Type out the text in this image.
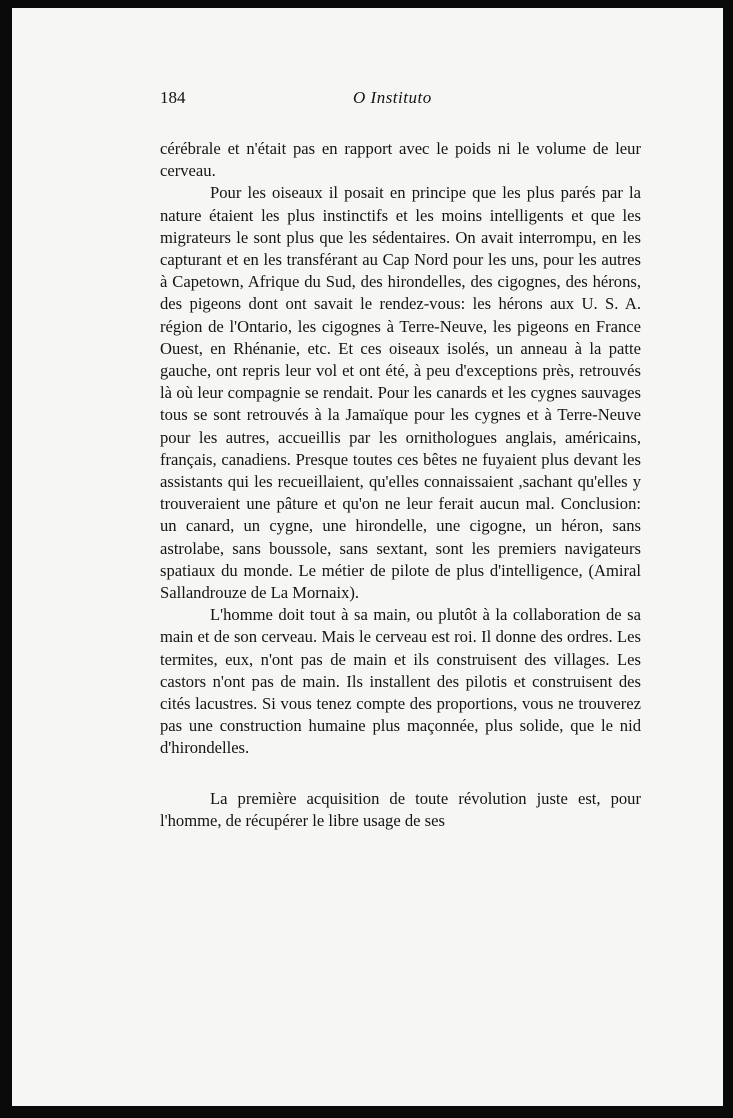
184	O Instituto

cérébrale et n'était pas en rapport avec le poids ni le volume de leur cerveau.

Pour les oiseaux il posait en principe que les plus parés par la nature étaient les plus instinctifs et les moins intelligents et que les migrateurs le sont plus que les sédentaires. On avait interrompu, en les capturant et en les transférant au Cap Nord pour les uns, pour les autres à Capetown, Afrique du Sud, des hirondelles, des cigognes, des hérons, des pigeons dont ont savait le rendez-vous: les hérons aux U. S. A. région de l'Ontario, les cigognes à Terre-Neuve, les pigeons en France Ouest, en Rhénanie, etc. Et ces oiseaux isolés, un anneau à la patte gauche, ont repris leur vol et ont été, à peu d'exceptions près, retrouvés là où leur compagnie se rendait. Pour les canards et les cygnes sauvages tous se sont retrouvés à la Jamaïque pour les cygnes et à Terre-Neuve pour les autres, accueillis par les ornithologues anglais, américains, français, canadiens. Presque toutes ces bêtes ne fuyaient plus devant les assistants qui les recueillaient, qu'elles connaissaient ,sachant qu'elles y trouveraient une pâture et qu'on ne leur ferait aucun mal. Conclusion: un canard, un cygne, une hirondelle, une cigogne, un héron, sans astrolabe, sans boussole, sans sextant, sont les premiers navigateurs spatiaux du monde. Le métier de pilote de plus d'intelligence, (Amiral Sallandrouze de La Mornaix).

L'homme doit tout à sa main, ou plutôt à la collaboration de sa main et de son cerveau. Mais le cerveau est roi. Il donne des ordres. Les termites, eux, n'ont pas de main et ils construisent des villages. Les castors n'ont pas de main. Ils installent des pilotis et construisent des cités lacustres. Si vous tenez compte des proportions, vous ne trouverez pas une construction humaine plus maçonnée, plus solide, que le nid d'hirondelles.

La première acquisition de toute révolution juste est, pour l'homme, de récupérer le libre usage de ses
